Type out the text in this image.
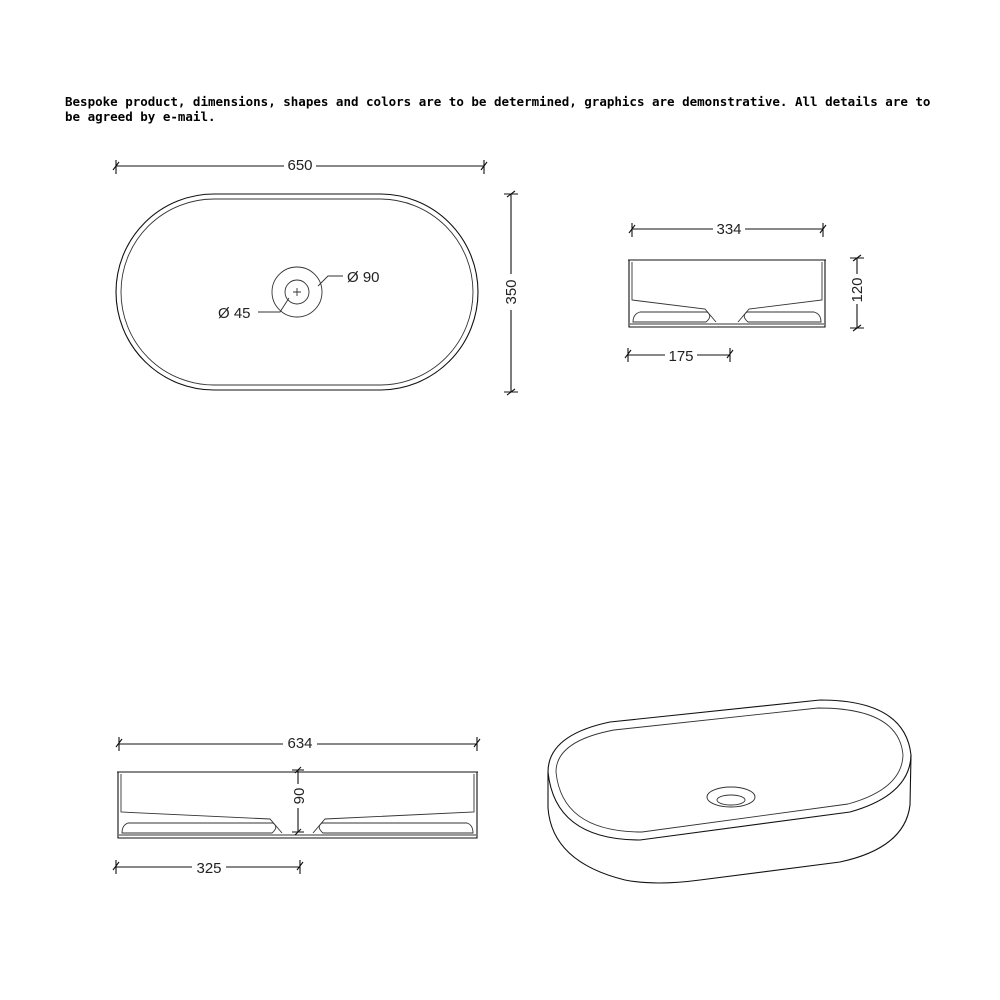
Bespoke product, dimensions, shapes and colors are to be determined, graphics are demonstrative. All details are to be agreed by e-mail.
Ø 90
Ø 45
650
350
334
120
175
634
90
325
